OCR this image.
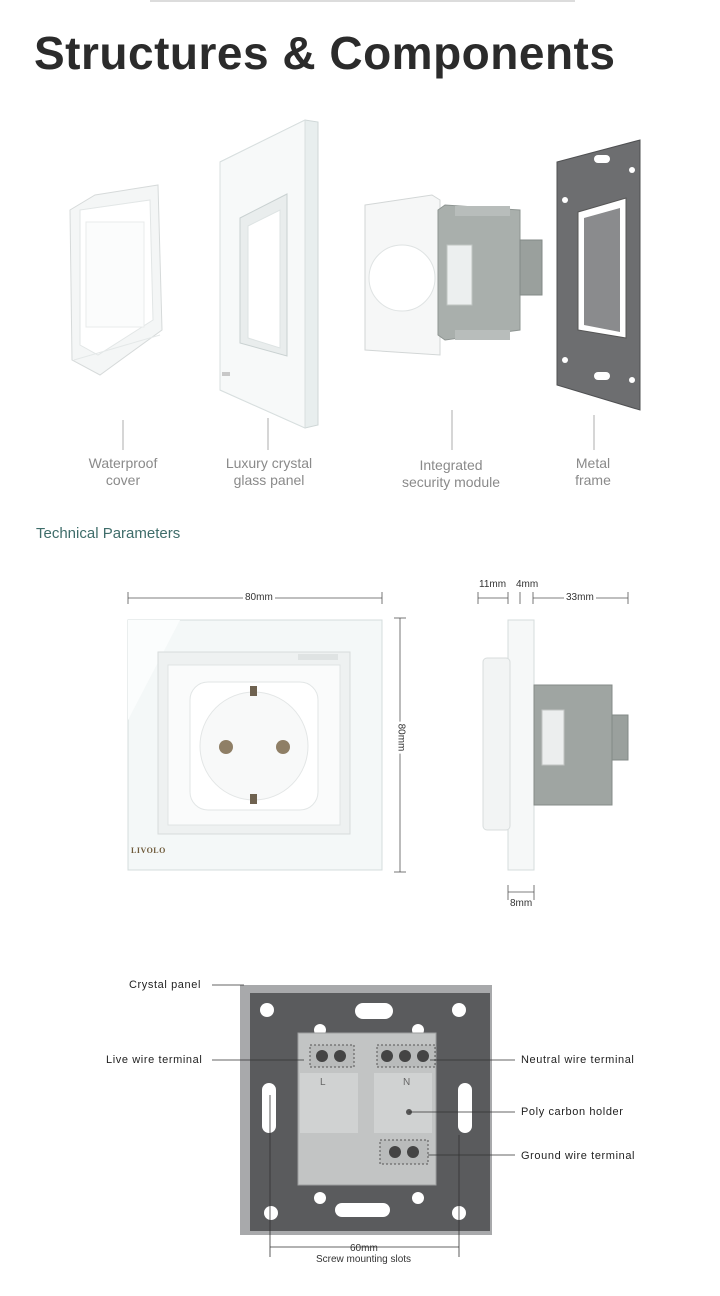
Structures & Components
Waterproof
cover
Luxury crystal
glass panel
Integrated
security module
Metal
frame
Technical Parameters
80mm
80mm
11mm 4mm
33mm
8mm
LIVOLO
Crystal panel
Live wire terminal	Neutral wire terminal
Poly carbon holder
Ground wire terminal
L	N
60mm
Screw mounting slots
